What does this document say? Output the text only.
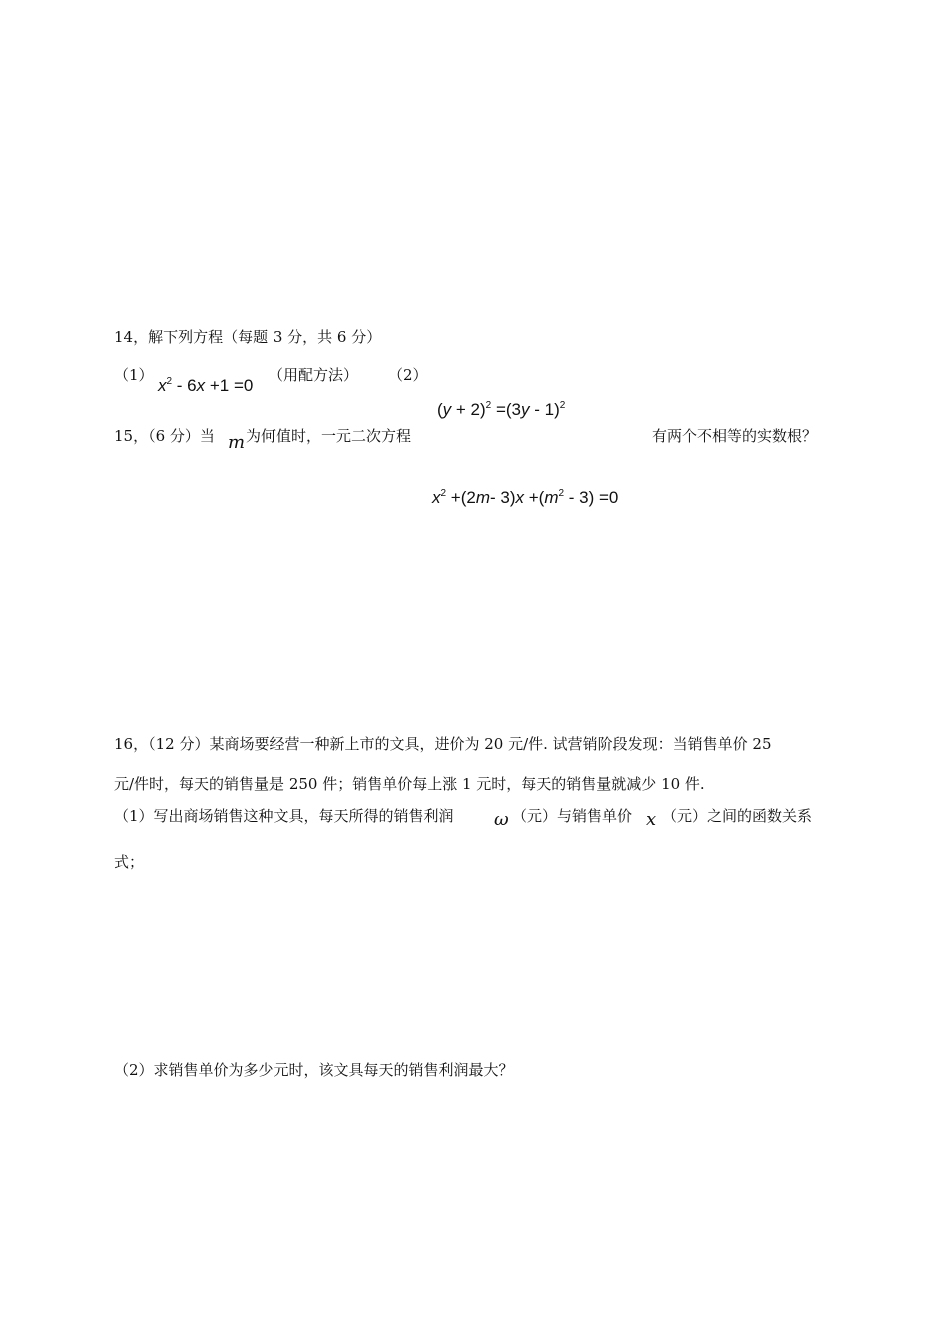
14，解下列方程（每题 3 分，共 6 分）
（1）
$x^2 - 6x +1 =0$
（用配方法） （2）
$(y + 2)^2 =(3y - 1)^2$
15，（6 分）当 m 为何值时，一元二次方程
$x^2 +(2m-$ $3)x +(m^2 - 3) =0$
有两个不相等的实数根？
16，（12 分）某商场要经营一种新上市的文具，进价为 20 元/件. 试营销阶段发现：当销售单价 25
元/件时，每天的销售量是 250 件；销售单价每上涨 1 元时，每天的销售量就减少 10 件.
（1）写出商场销售这种文具，每天所得的销售利润 ω （元）与销售单价 x （元）之间的函数关系
式；
（2）求销售单价为多少元时，该文具每天的销售利润最大？
